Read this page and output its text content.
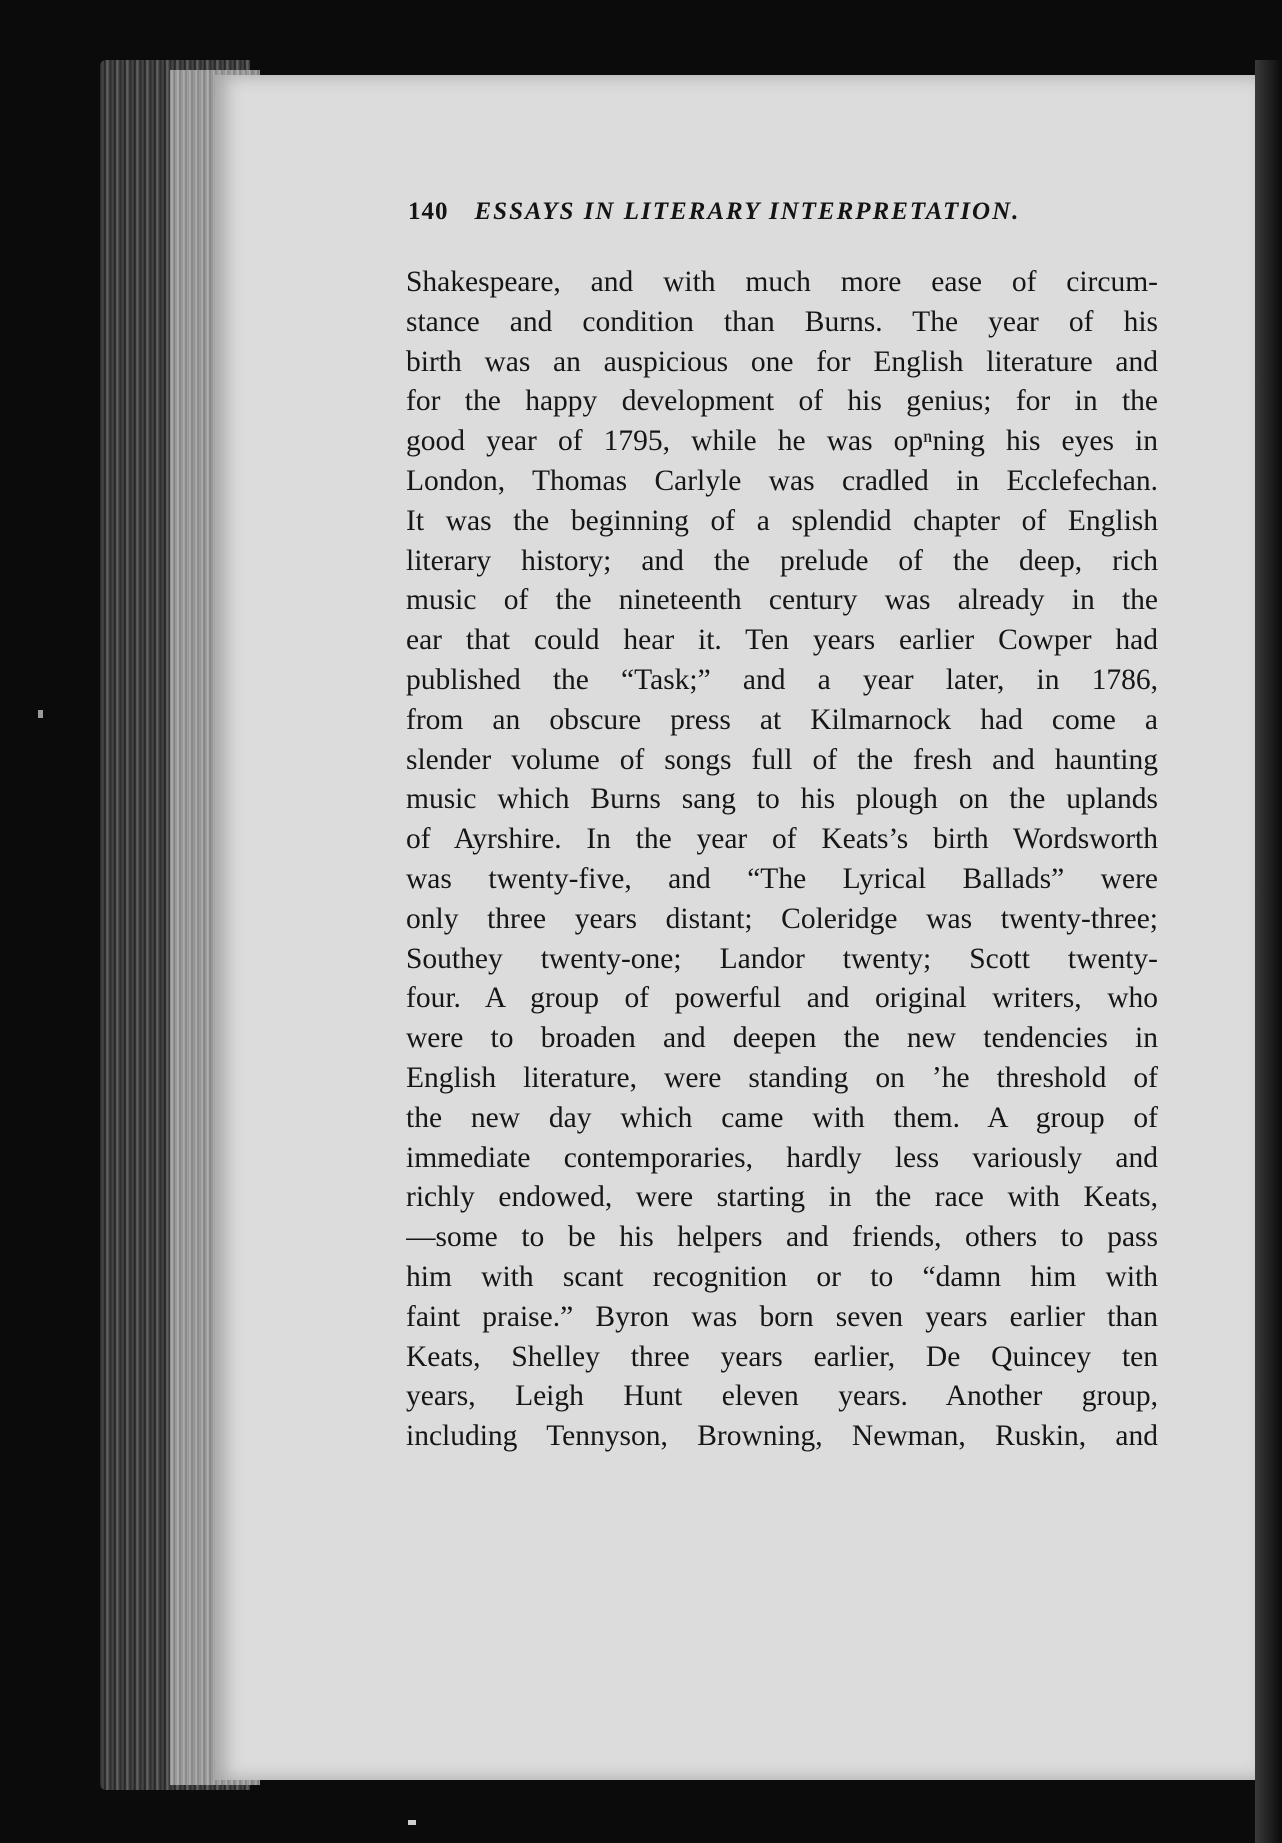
140 ESSAYS IN LITERARY INTERPRETATION.
Shakespeare, and with much more ease of circum-
stance and condition than Burns. The year of his
birth was an auspicious one for English literature and
for the happy development of his genius; for in the
good year of 1795, while he was opⁿning his eyes in
London, Thomas Carlyle was cradled in Ecclefechan.
It was the beginning of a splendid chapter of English
literary history; and the prelude of the deep, rich
music of the nineteenth century was already in the
ear that could hear it. Ten years earlier Cowper had
published the “Task;” and a year later, in 1786,
from an obscure press at Kilmarnock had come a
slender volume of songs full of the fresh and haunting
music which Burns sang to his plough on the uplands
of Ayrshire. In the year of Keats’s birth Wordsworth
was twenty-five, and “The Lyrical Ballads” were
only three years distant; Coleridge was twenty-three;
Southey twenty-one; Landor twenty; Scott twenty-
four. A group of powerful and original writers, who
were to broaden and deepen the new tendencies in
English literature, were standing on ʼhe threshold of
the new day which came with them. A group of
immediate contemporaries, hardly less variously and
richly endowed, were starting in the race with Keats,
—some to be his helpers and friends, others to pass
him with scant recognition or to “damn him with
faint praise.” Byron was born seven years earlier than
Keats, Shelley three years earlier, De Quincey ten
years, Leigh Hunt eleven years. Another group,
including Tennyson, Browning, Newman, Ruskin, and
